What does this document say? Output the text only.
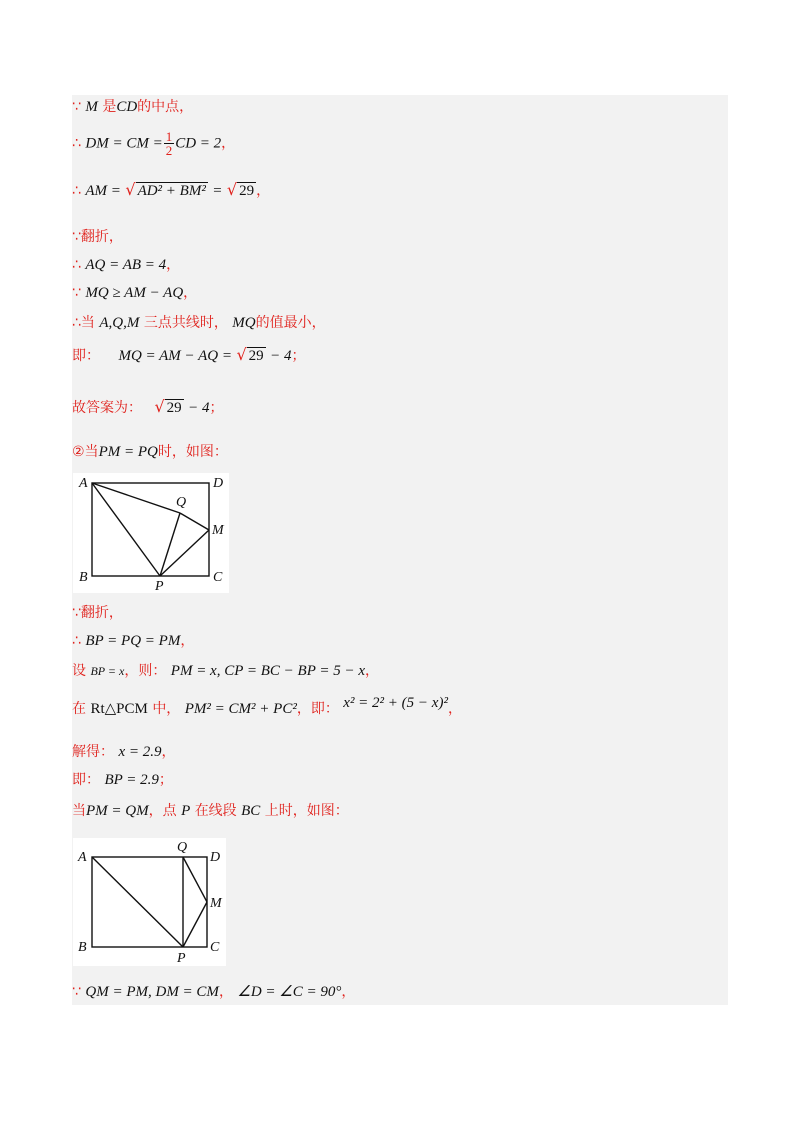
∵ M 是CD的中点，
∴ DM = CM = $\frac{1}{2}$ CD = 2，
∴ AM = √ AD² + BM² = √ 29 ，
∵翻折，
∴ AQ = AB = 4，
∵ MQ ≥ AM − AQ，
∴当 A,Q,M 三点共线时， MQ的值最小，
即： MQ = AM − AQ = √ 29 − 4；
故答案为： √ 29 − 4；
②当PM = PQ时，如图：
A	D
B	C
M
P
Q
∵翻折，
∴ BP = PQ = PM，
设 BP = x，则： PM = x, CP = BC − BP = 5 − x，
在 Rt△PCM 中， PM² = CM² + PC²，即： x² = 2² + (5 − x)²，
解得： x = 2.9，
即： BP = 2.9；
当PM = QM，点 P 在线段 BC 上时，如图：
A
Q
D
M
B	C
P
∵ QM = PM, DM = CM， ∠D = ∠C = 90°，
